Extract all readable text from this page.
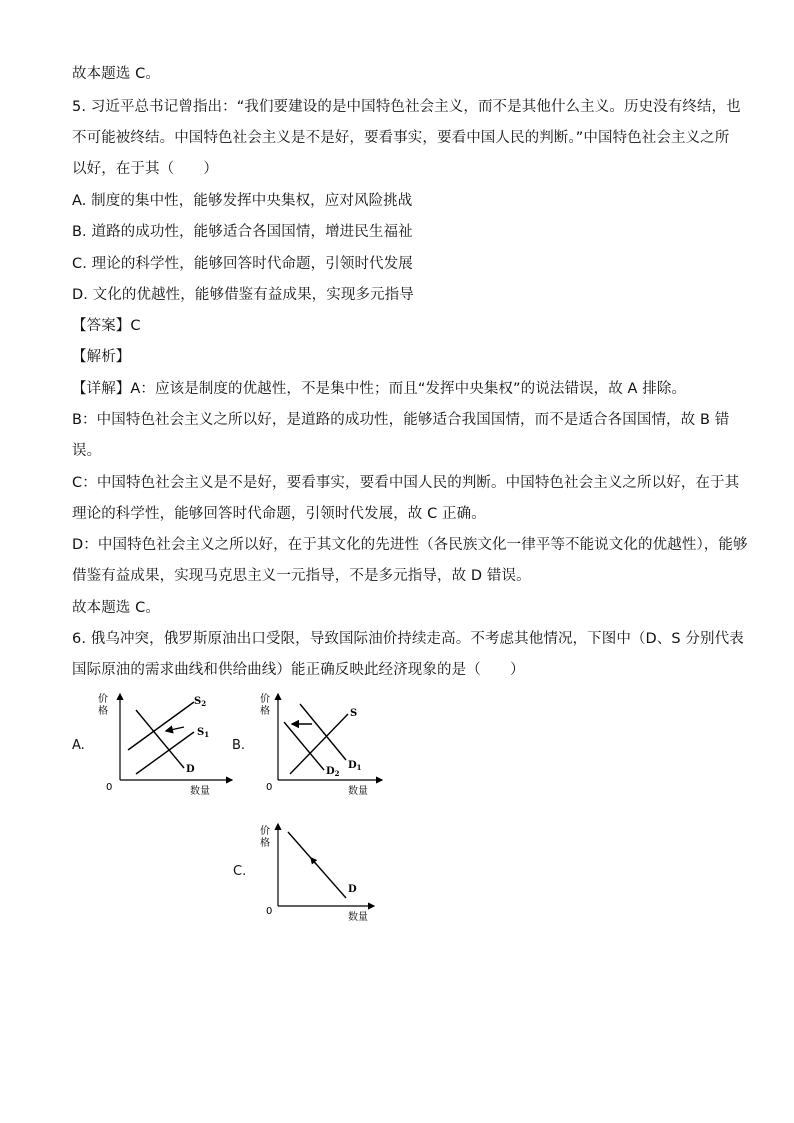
故本题选 C。
5. 习近平总书记曾指出：“我们要建设的是中国特色社会主义，而不是其他什么主义。历史没有终结，也
不可能被终结。中国特色社会主义是不是好，要看事实，要看中国人民的判断。”中国特色社会主义之所
以好，在于其（　　）
A. 制度的集中性，能够发挥中央集权，应对风险挑战
B. 道路的成功性，能够适合各国国情，增进民生福祉
C. 理论的科学性，能够回答时代命题，引领时代发展
D. 文化的优越性，能够借鉴有益成果，实现多元指导
【答案】C
【解析】
【详解】A：应该是制度的优越性，不是集中性；而且“发挥中央集权”的说法错误，故 A 排除。
B：中国特色社会主义之所以好，是道路的成功性，能够适合我国国情，而不是适合各国国情，故 B 错
误。
C：中国特色社会主义是不是好，要看事实，要看中国人民的判断。中国特色社会主义之所以好，在于其
理论的科学性，能够回答时代命题，引领时代发展，故 C 正确。
D：中国特色社会主义之所以好，在于其文化的先进性（各民族文化一律平等不能说文化的优越性），能够
借鉴有益成果，实现马克思主义一元指导，不是多元指导，故 D 错误。
故本题选 C。
6. 俄乌冲突，俄罗斯原油出口受限，导致国际油价持续走高。不考虑其他情况，下图中（D、S 分别代表
国际原油的需求曲线和供给曲线）能正确反映此经济现象的是（　　）
A.
价
格
0	数量
$S_2$
$S_1$
D
B.
价
格
0	数量
S
$D_2$
$D_1$
C.
价
格
0
数量
D
